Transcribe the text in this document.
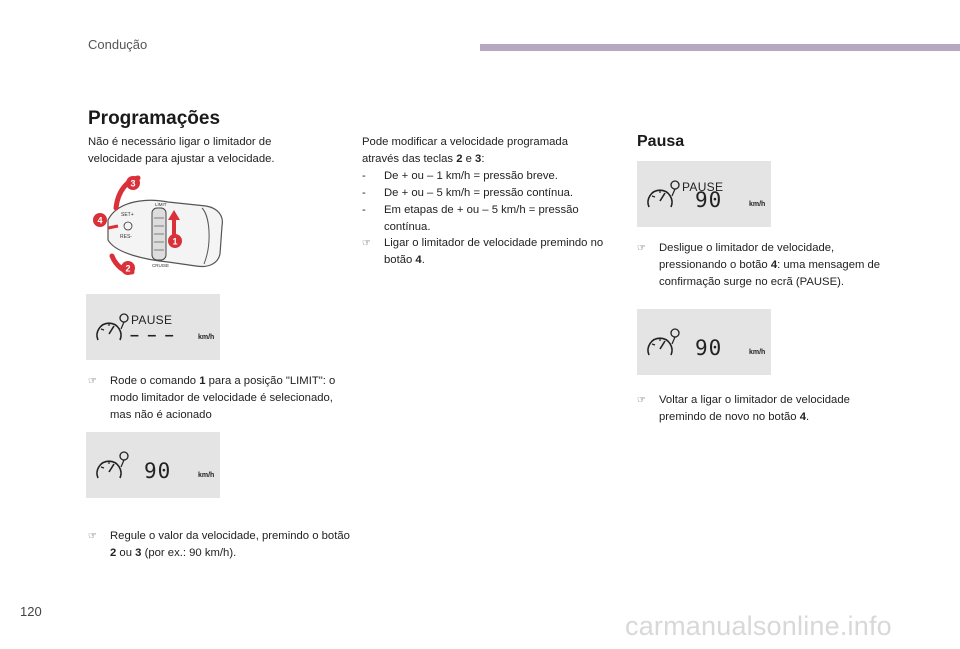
Condução
Programações
Não é necessário ligar o limitador de velocidade para ajustar a velocidade.
SET+
RES-
LIMIT
CRUISE
3
4
1
2
PAUSE
– – –	km/h
☞ Rode o comando 1 para a posição "LIMIT": o modo limitador de velocidade é selecionado, mas não é acionado
90	km/h
☞ Regule o valor da velocidade, premindo o botão 2 ou 3 (por ex.: 90 km/h).
Pode modificar a velocidade programada através das teclas 2 e 3:
- De + ou – 1 km/h = pressão breve.
- De + ou – 5 km/h = pressão contínua.
- Em etapas de + ou – 5 km/h = pressão contínua.
☞ Ligar o limitador de velocidade premindo no botão 4.
Pausa
PAUSE
90	km/h
☞ Desligue o limitador de velocidade, pressionando o botão 4: uma mensagem de confirmação surge no ecrã (PAUSE).
90	km/h
☞ Voltar a ligar o limitador de velocidade premindo de novo no botão 4.
120	carmanualsonline.info
